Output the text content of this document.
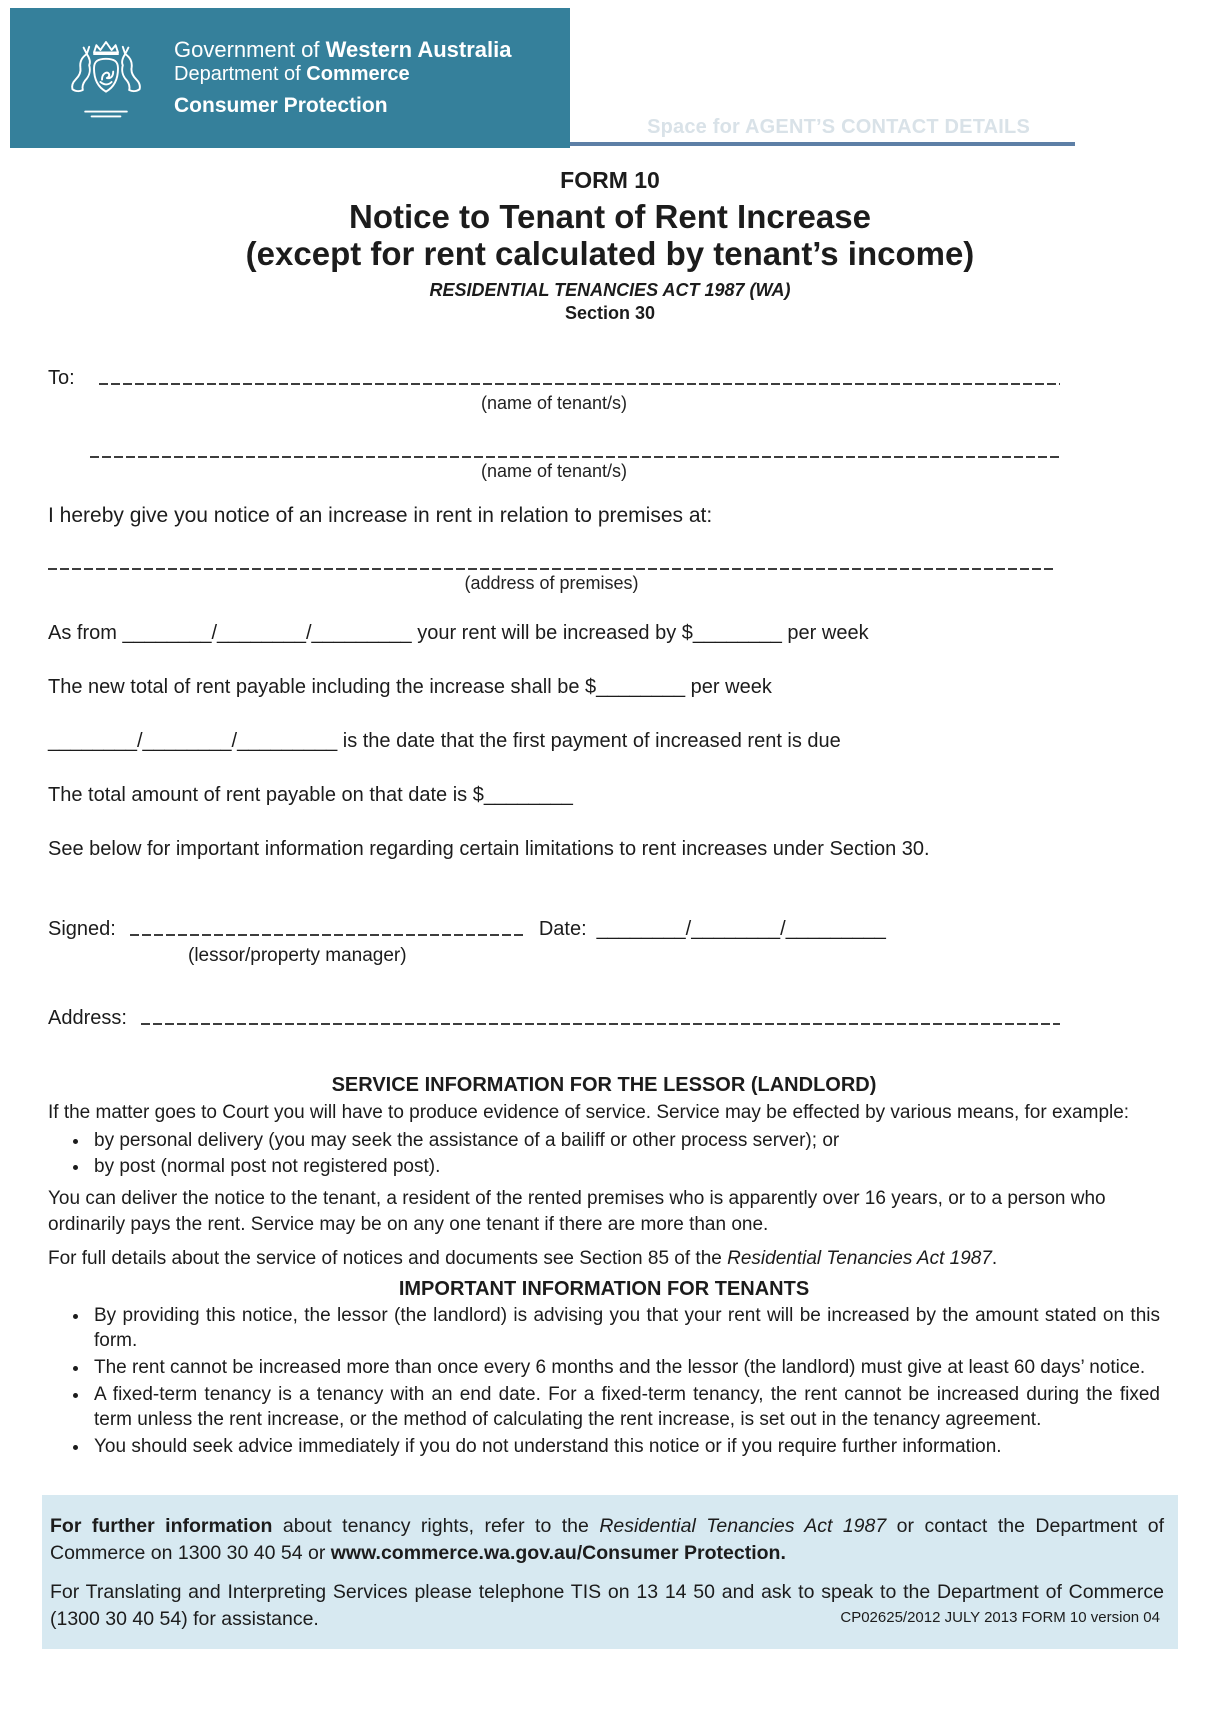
Government of Western Australia
Department of Commerce
Consumer Protection
Space for AGENT’S CONTACT DETAILS
FORM 10
Notice to Tenant of Rent Increase
(except for rent calculated by tenant’s income)
RESIDENTIAL TENANCIES ACT 1987 (WA)
Section 30
To:
(name of tenant/s)
(name of tenant/s)
I hereby give you notice of an increase in rent in relation to premises at:
(address of premises)
As from ________/________/_________ your rent will be increased by $________ per week
The new total of rent payable including the increase shall be $________ per week
________/________/_________ is the date that the first payment of increased rent is due
The total amount of rent payable on that date is $________
See below for important information regarding certain limitations to rent increases under Section 30.
Signed:	Date: ________/________/_________
(lessor/property manager)
Address:
SERVICE INFORMATION FOR THE LESSOR (LANDLORD)
If the matter goes to Court you will have to produce evidence of service. Service may be effected by various means, for example:
• by personal delivery (you may seek the assistance of a bailiff or other process server); or
• by post (normal post not registered post).
You can deliver the notice to the tenant, a resident of the rented premises who is apparently over 16 years, or to a person who ordinarily pays the rent. Service may be on any one tenant if there are more than one.
For full details about the service of notices and documents see Section 85 of the Residential Tenancies Act 1987.
IMPORTANT INFORMATION FOR TENANTS
• By providing this notice, the lessor (the landlord) is advising you that your rent will be increased by the amount stated on this form.
• The rent cannot be increased more than once every 6 months and the lessor (the landlord) must give at least 60 days’ notice.
• A fixed-term tenancy is a tenancy with an end date. For a fixed-term tenancy, the rent cannot be increased during the fixed term unless the rent increase, or the method of calculating the rent increase, is set out in the tenancy agreement.
• You should seek advice immediately if you do not understand this notice or if you require further information.

For further information about tenancy rights, refer to the Residential Tenancies Act 1987 or contact the Department of Commerce on 1300 30 40 54 or www.commerce.wa.gov.au/Consumer Protection.

For Translating and Interpreting Services please telephone TIS on 13 14 50 and ask to speak to the Department of Commerce (1300 30 40 54) for assistance.	CP02625/2012 JULY 2013 FORM 10 version 04
